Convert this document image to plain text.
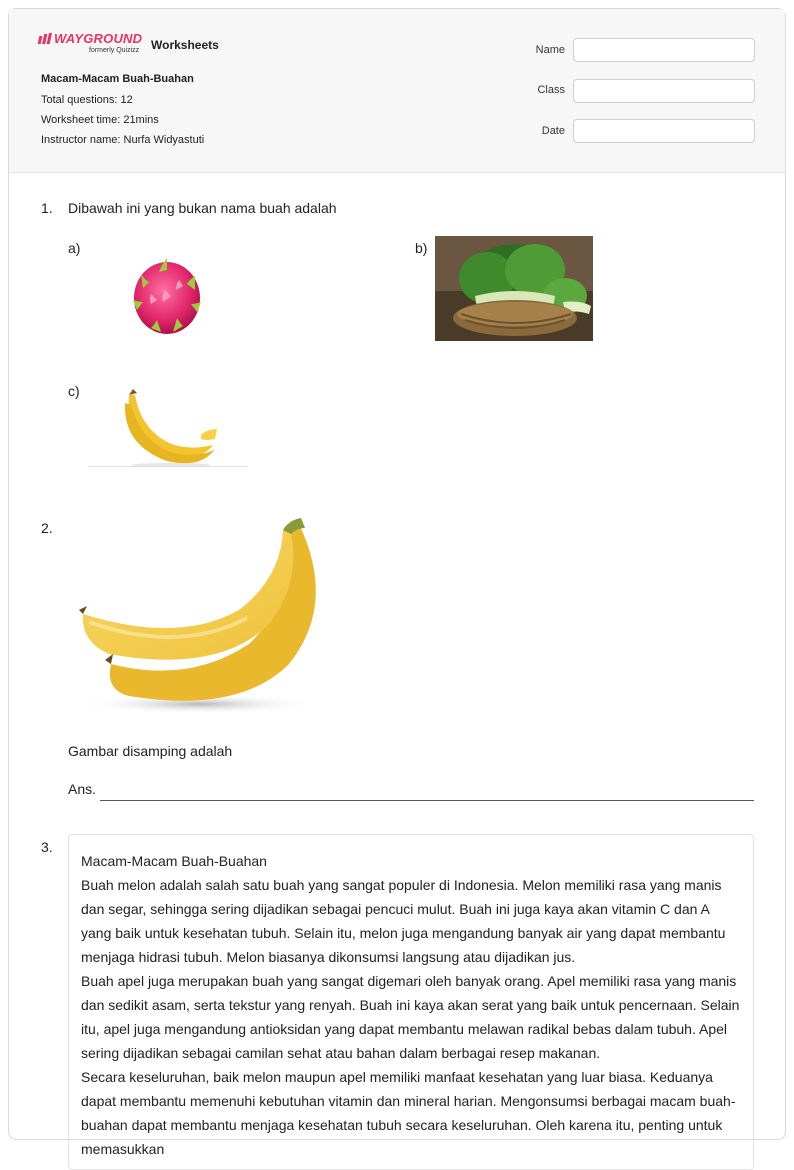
WAYGROUND
formerly Quizizz Worksheets
Macam-Macam Buah-Buahan
Total questions: 12
Worksheet time: 21mins
Instructor name: Nurfa Widyastuti
Name
Class
Date
1. Dibawah ini yang bukan nama buah adalah
a)	b)
c)
2.
Gambar disamping adalah
Ans.
3.

Macam-Macam Buah-Buahan

Buah melon adalah salah satu buah yang sangat populer di Indonesia. Melon memiliki rasa yang manis dan segar, sehingga sering dijadikan sebagai pencuci mulut. Buah ini juga kaya akan vitamin C dan A yang baik untuk kesehatan tubuh. Selain itu, melon juga mengandung banyak air yang dapat membantu menjaga hidrasi tubuh. Melon biasanya dikonsumsi langsung atau dijadikan jus.

Buah apel juga merupakan buah yang sangat digemari oleh banyak orang. Apel memiliki rasa yang manis dan sedikit asam, serta tekstur yang renyah. Buah ini kaya akan serat yang baik untuk pencernaan. Selain itu, apel juga mengandung antioksidan yang dapat membantu melawan radikal bebas dalam tubuh. Apel sering dijadikan sebagai camilan sehat atau bahan dalam berbagai resep makanan.

Secara keseluruhan, baik melon maupun apel memiliki manfaat kesehatan yang luar biasa. Keduanya dapat membantu memenuhi kebutuhan vitamin dan mineral harian. Mengonsumsi berbagai macam buah-buahan dapat membantu menjaga kesehatan tubuh secara keseluruhan. Oleh karena itu, penting untuk memasukkan
